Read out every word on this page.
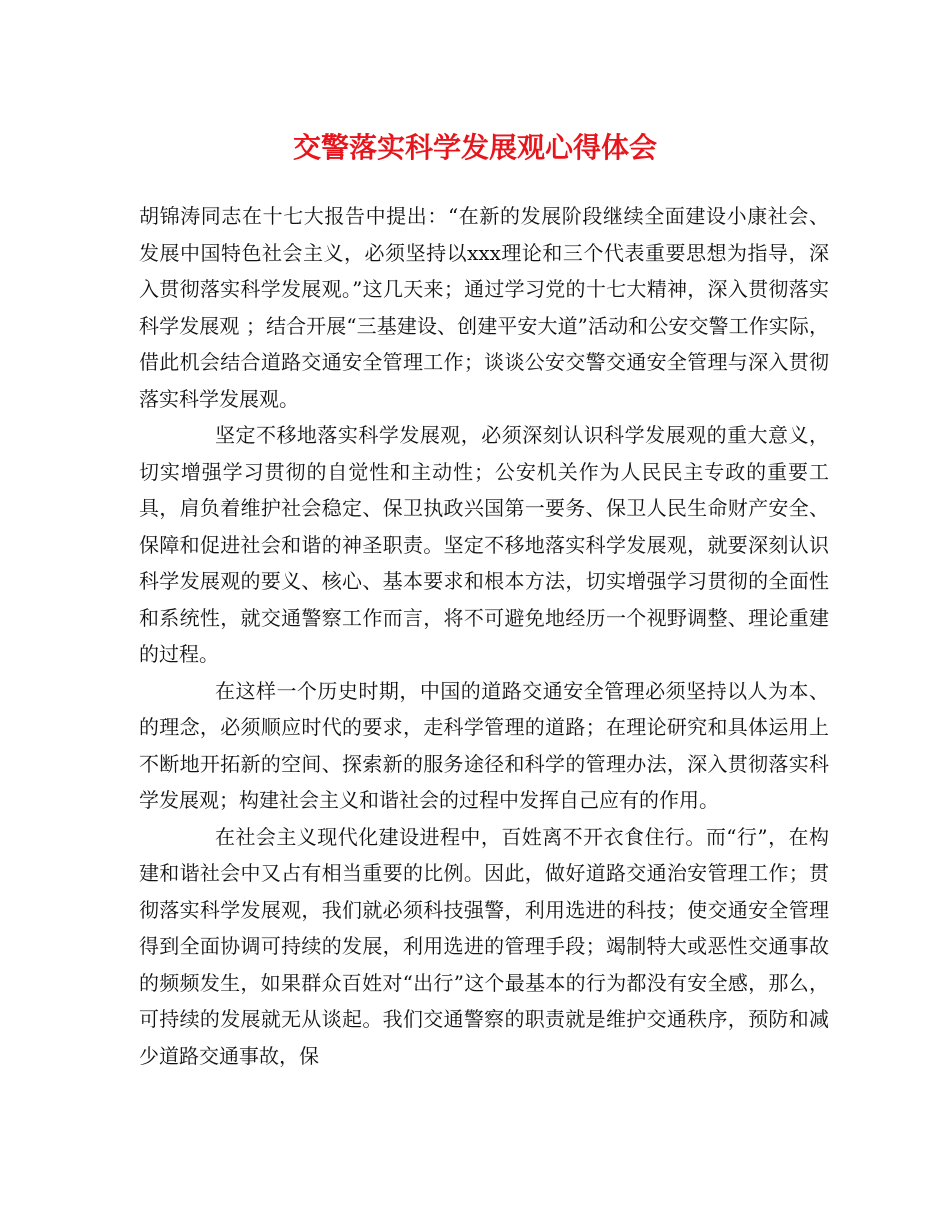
交警落实科学发展观心得体会

胡锦涛同志在十七大报告中提出：“在新的发展阶段继续全面建设小康社会、发展中国特色社会主义，必须坚持以xxx理论和三个代表重要思想为指导，深入贯彻落实科学发展观。”这几天来；通过学习党的十七大精神，深入贯彻落实科学发展观 ；结合开展“三基建设、创建平安大道”活动和公安交警工作实际，借此机会结合道路交通安全管理工作；谈谈公安交警交通安全管理与深入贯彻落实科学发展观。

坚定不移地落实科学发展观，必须深刻认识科学发展观的重大意义，切实增强学习贯彻的自觉性和主动性；公安机关作为人民民主专政的重要工具，肩负着维护社会稳定、保卫执政兴国第一要务、保卫人民生命财产安全、保障和促进社会和谐的神圣职责。坚定不移地落实科学发展观，就要深刻认识科学发展观的要义、核心、基本要求和根本方法，切实增强学习贯彻的全面性和系统性，就交通警察工作而言，将不可避免地经历一个视野调整、理论重建的过程。

在这样一个历史时期，中国的道路交通安全管理必须坚持以人为本、的理念，必须顺应时代的要求，走科学管理的道路；在理论研究和具体运用上不断地开拓新的空间、探索新的服务途径和科学的管理办法，深入贯彻落实科学发展观；构建社会主义和谐社会的过程中发挥自己应有的作用。

在社会主义现代化建设进程中，百姓离不开衣食住行。而“行”，在构建和谐社会中又占有相当重要的比例。因此，做好道路交通治安管理工作；贯彻落实科学发展观，我们就必须科技强警，利用选进的科技；使交通安全管理得到全面协调可持续的发展，利用选进的管理手段；竭制特大或恶性交通事故的频频发生，如果群众百姓对“出行”这个最基本的行为都没有安全感，那么，可持续的发展就无从谈起。我们交通警察的职责就是维护交通秩序，预防和减少道路交通事故，保
